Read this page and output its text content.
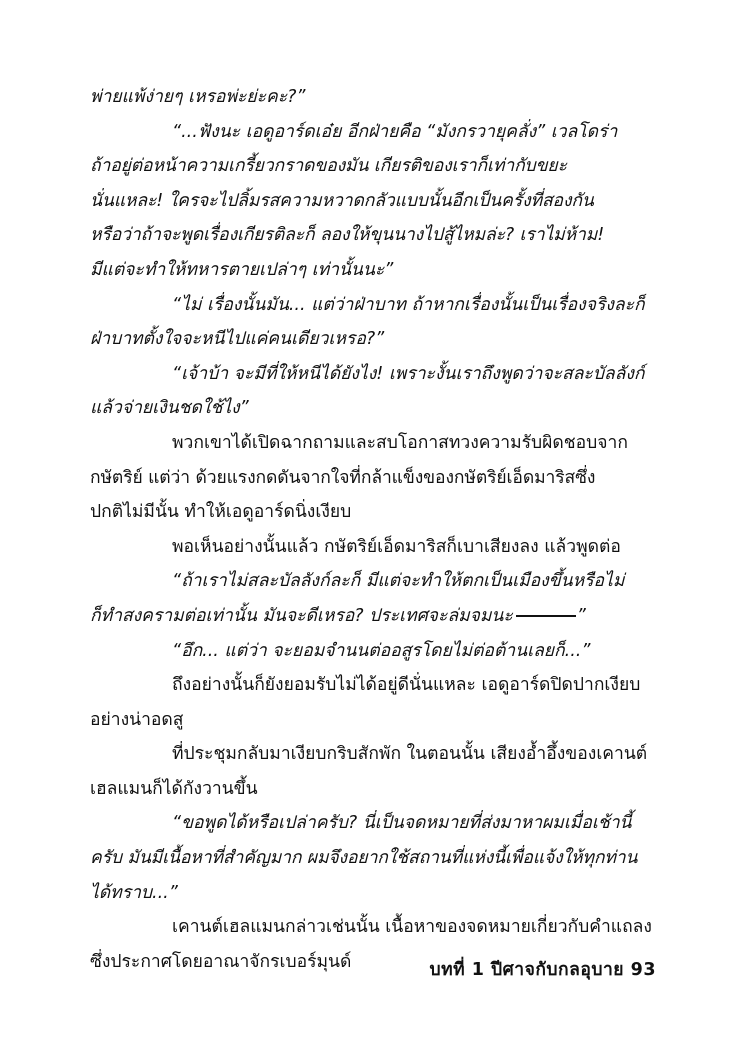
พ่ายแพ้ง่ายๆ เหรอพ่ะย่ะคะ?”
“...ฟังนะ เอดูอาร์ดเอ๋ย อีกฝ่ายคือ “มังกรวายุคลั่ง” เวลโดร่า
ถ้าอยู่ต่อหน้าความเกรี้ยวกราดของมัน เกียรติของเราก็เท่ากับขยะ
นั่นแหละ! ใครจะไปลิ้มรสความหวาดกลัวแบบนั้นอีกเป็นครั้งที่สองกัน
หรือว่าถ้าจะพูดเรื่องเกียรติละก็ ลองให้ขุนนางไปสู้ไหมล่ะ? เราไม่ห้าม!
มีแต่จะทำให้ทหารตายเปล่าๆ เท่านั้นนะ”
“ไม่ เรื่องนั้นมัน... แต่ว่าฝ่าบาท ถ้าหากเรื่องนั้นเป็นเรื่องจริงละก็
ฝ่าบาทตั้งใจจะหนีไปแค่คนเดียวเหรอ?”
“เจ้าบ้า จะมีที่ให้หนีได้ยังไง! เพราะงั้นเราถึงพูดว่าจะสละบัลลังก์
แล้วจ่ายเงินชดใช้ไง”
พวกเขาได้เปิดฉากถามและสบโอกาสทวงความรับผิดชอบจาก
กษัตริย์ แต่ว่า ด้วยแรงกดดันจากใจที่กล้าแข็งของกษัตริย์เอ็ดมาริสซึ่ง
ปกติไม่มีนั้น ทำให้เอดูอาร์ดนิ่งเงียบ
พอเห็นอย่างนั้นแล้ว กษัตริย์เอ็ดมาริสก็เบาเสียงลง แล้วพูดต่อ
“ถ้าเราไม่สละบัลลังก์ละก็ มีแต่จะทำให้ตกเป็นเมืองขึ้นหรือไม่
ก็ทำสงครามต่อเท่านั้น มันจะดีเหรอ? ประเทศจะล่มจมนะ	”
“อึก... แต่ว่า จะยอมจำนนต่ออสูรโดยไม่ต่อต้านเลยก็...”
ถึงอย่างนั้นก็ยังยอมรับไม่ได้อยู่ดีนั่นแหละ เอดูอาร์ดปิดปากเงียบ
อย่างน่าอดสู
ที่ประชุมกลับมาเงียบกริบสักพัก ในตอนนั้น เสียงอ้ำอึ้งของเคานต์
เฮลแมนก็ได้กังวานขึ้น
“ขอพูดได้หรือเปล่าครับ? นี่เป็นจดหมายที่ส่งมาหาผมเมื่อเช้านี้
ครับ มันมีเนื้อหาที่สำคัญมาก ผมจึงอยากใช้สถานที่แห่งนี้เพื่อแจ้งให้ทุกท่าน
ได้ทราบ...”
เคานต์เฮลแมนกล่าวเช่นนั้น เนื้อหาของจดหมายเกี่ยวกับคำแถลง
ซึ่งประกาศโดยอาณาจักรเบอร์มุนด์	บทที่ 1 ปีศาจกับกลอุบาย 93
